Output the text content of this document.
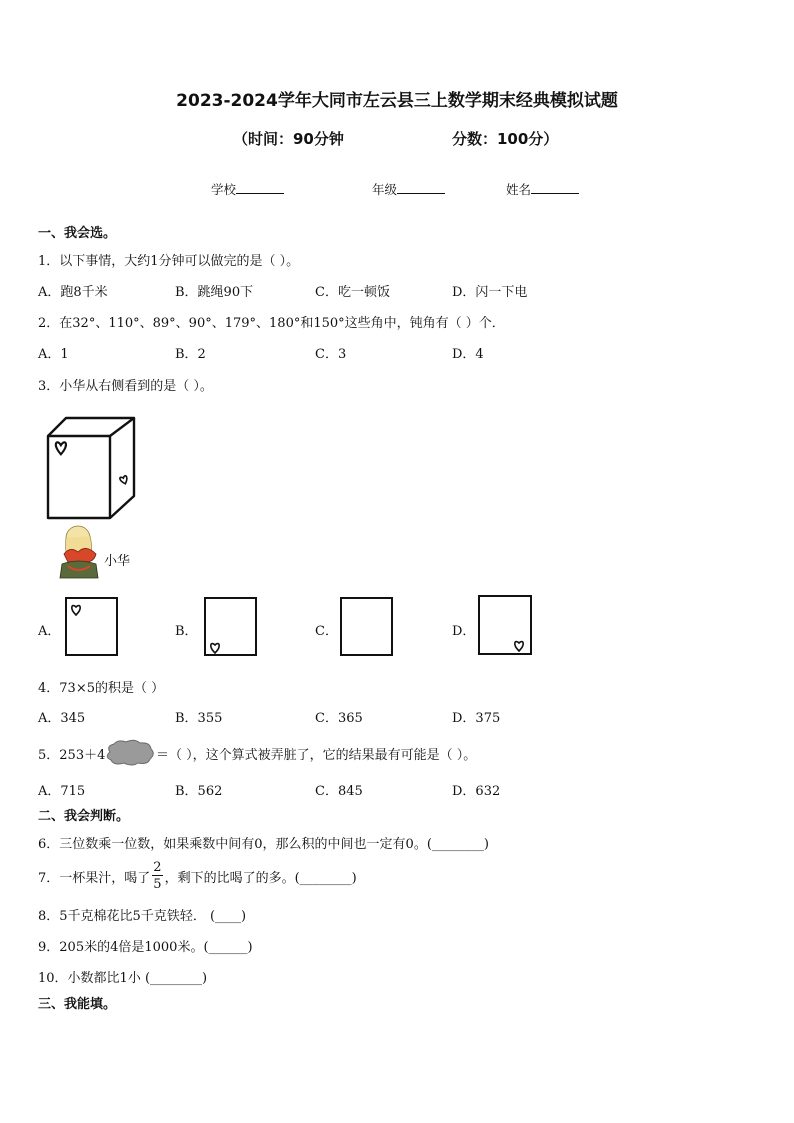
2023-2024学年大同市左云县三上数学期末经典模拟试题
（时间：90分钟	分数：100分）
学校	年级	姓名
一、我会选。
1．以下事情，大约1分钟可以做完的是（ ）。
A．跑8千米	B．跳绳90下	C．吃一顿饭	D．闪一下电
2．在32°、110°、89°、90°、179°、180°和150°这些角中，钝角有（ ）个．
A．1	B．2	C．3	D．4
3．小华从右侧看到的是（ ）。
小华
A．	B．	C．	D．
4．73×5的积是（ ）
A．345	B．355	C．365	D．375
5．253＋4	＝（ ），这个算式被弄脏了，它的结果最有可能是（ ）。
A．715	B．562	C．845	D．632
二、我会判断。
6．三位数乘一位数，如果乘数中间有0，那么积的中间也一定有0。(________)
7．一杯果汁，喝了 $\frac{2}{5}$ ，剩下的比喝了的多。(________)
8．5千克棉花比5千克铁轻． (____)
9．205米的4倍是1000米。(______)
10．小数都比1小 (________)
三、我能填。
